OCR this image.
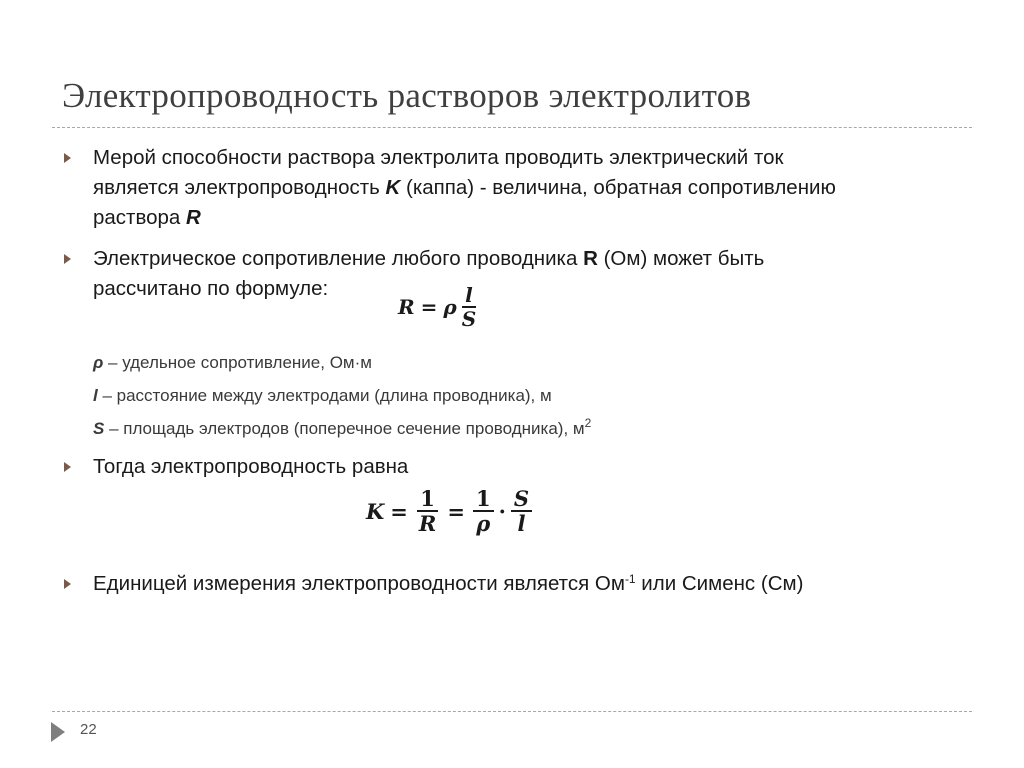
Электропроводность растворов электролитов
Мерой способности раствора электролита проводить электрический ток
является электропроводность K (каппа) - величина, обратная сопротивлению
раствора R
Электрическое сопротивление любого проводника R (Ом) может быть
рассчитано по формуле:
R = ρ $\frac{l}{S}$
ρ – удельное сопротивление, Ом·м
l – расстояние между электродами (длина проводника), м
S – площадь электродов (поперечное сечение проводника), $м^2$
Тогда электропроводность равна
$K = \frac{1}{R} = \frac{1}{\rho} \cdot \frac{S}{l}$
Единицей измерения электропроводности является $Ом^{-1}$ или Сименс (См)
22
